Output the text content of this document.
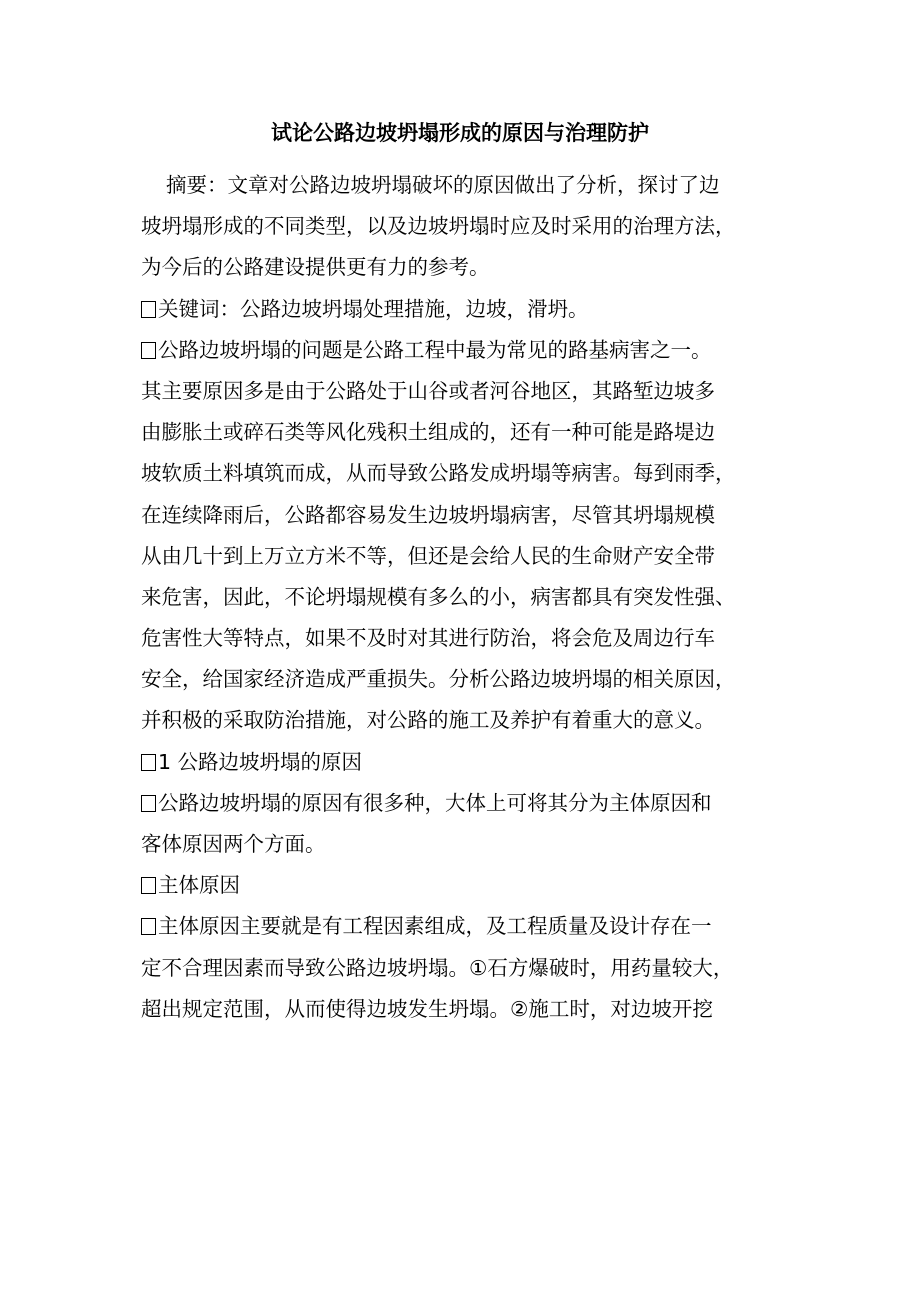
试论公路边坡坍塌形成的原因与治理防护
摘要：文章对公路边坡坍塌破坏的原因做出了分析，探讨了边
坡坍塌形成的不同类型，以及边坡坍塌时应及时采用的治理方法，
为今后的公路建设提供更有力的参考。
关键词：公路边坡坍塌处理措施，边坡，滑坍。
公路边坡坍塌的问题是公路工程中最为常见的路基病害之一。
其主要原因多是由于公路处于山谷或者河谷地区，其路堑边坡多
由膨胀土或碎石类等风化残积土组成的，还有一种可能是路堤边
坡软质土料填筑而成，从而导致公路发成坍塌等病害。每到雨季，
在连续降雨后，公路都容易发生边坡坍塌病害，尽管其坍塌规模
从由几十到上万立方米不等，但还是会给人民的生命财产安全带
来危害，因此，不论坍塌规模有多么的小，病害都具有突发性强、
危害性大等特点，如果不及时对其进行防治，将会危及周边行车
安全，给国家经济造成严重损失。分析公路边坡坍塌的相关原因，
并积极的采取防治措施，对公路的施工及养护有着重大的意义。
1 公路边坡坍塌的原因
公路边坡坍塌的原因有很多种，大体上可将其分为主体原因和
客体原因两个方面。
主体原因
主体原因主要就是有工程因素组成，及工程质量及设计存在一
定不合理因素而导致公路边坡坍塌。①石方爆破时，用药量较大，
超出规定范围，从而使得边坡发生坍塌。②施工时，对边坡开挖
